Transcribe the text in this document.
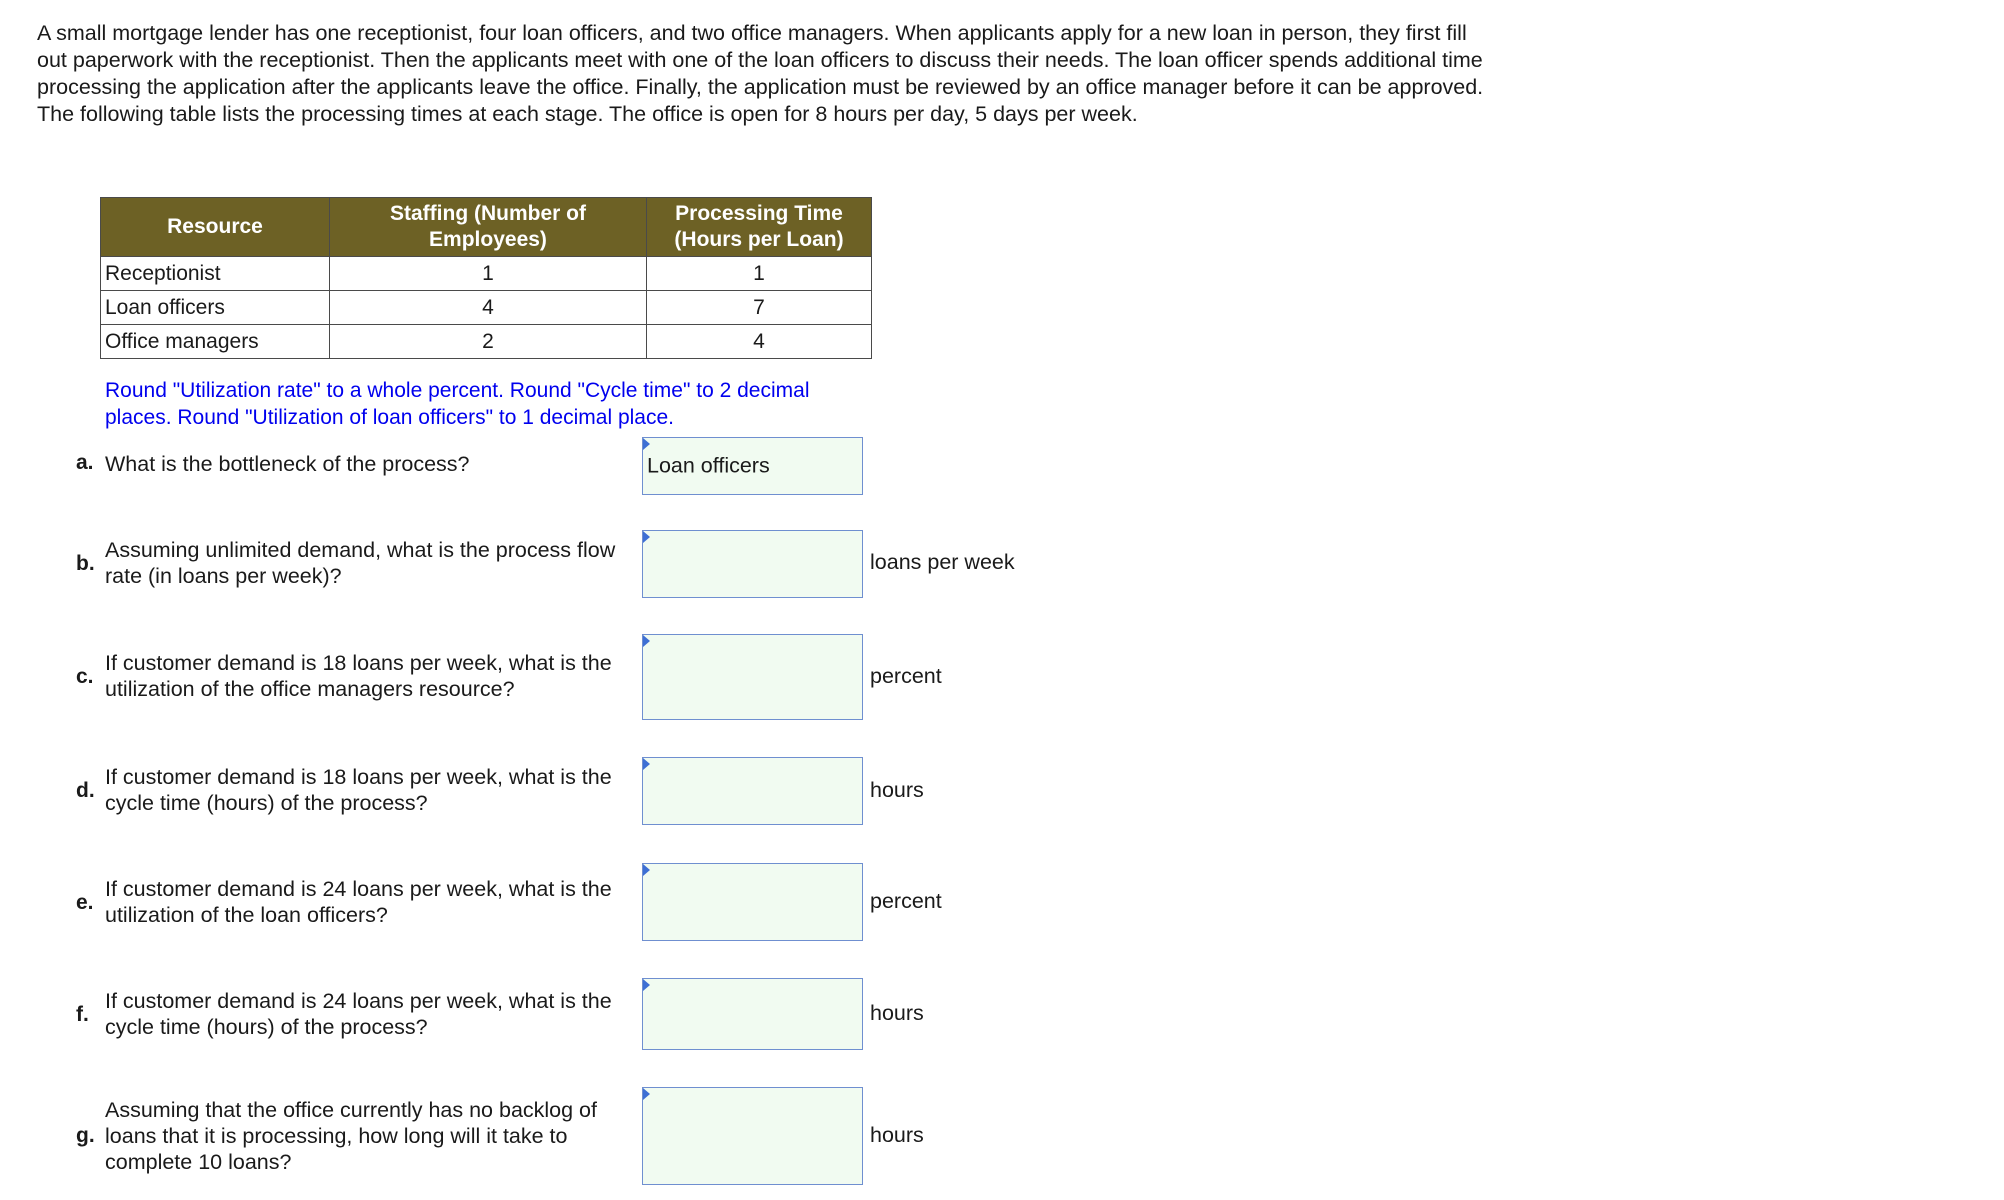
A small mortgage lender has one receptionist, four loan officers, and two office managers. When applicants apply for a new loan in person, they first fill out paperwork with the receptionist. Then the applicants meet with one of the loan officers to discuss their needs. The loan officer spends additional time processing the application after the applicants leave the office. Finally, the application must be reviewed by an office manager before it can be approved. The following table lists the processing times at each stage. The office is open for 8 hours per day, 5 days per week.
Resource	Staffing (Number of Employees)	Processing Time (Hours per Loan)
Receptionist	1	1
Loan officers	4	7
Office managers	2	4
Round "Utilization rate" to a whole percent. Round "Cycle time" to 2 decimal places. Round "Utilization of loan officers" to 1 decimal place.
a. What is the bottleneck of the process?	Loan officers
b.
Assuming unlimited demand, what is the process flow rate (in loans per week)?
loans per week
c.
If customer demand is 18 loans per week, what is the utilization of the office managers resource?
percent
d.
If customer demand is 18 loans per week, what is the cycle time (hours) of the process?
hours
e.
If customer demand is 24 loans per week, what is the utilization of the loan officers?
percent
f.
If customer demand is 24 loans per week, what is the cycle time (hours) of the process?
hours
g.
Assuming that the office currently has no backlog of loans that it is processing, how long will it take to complete 10 loans?
hours
